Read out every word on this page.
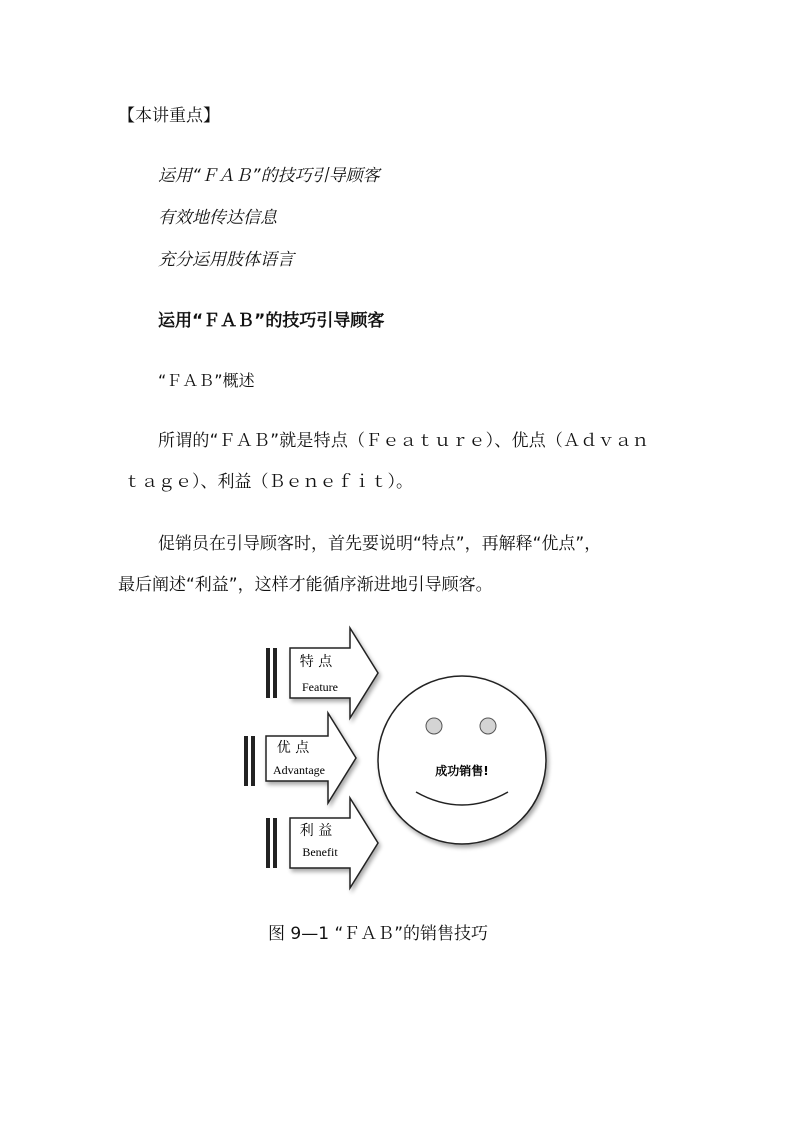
【本讲重点】

运用“ＦＡＢ”的技巧引导顾客

有效地传达信息

充分运用肢体语言

运用“ＦＡＢ”的技巧引导顾客

“ＦＡＢ”概述

所谓的“ＦＡＢ”就是特点（Ｆｅａｔｕｒｅ）、优点（Ａｄｖａｎ

ｔａｇｅ）、利益（Ｂｅｎｅｆｉｔ）。

促销员在引导顾客时，首先要说明“特点”，再解释“优点”，

最后阐述“利益”，这样才能循序渐进地引导顾客。

特 点
Feature
优 点
Advantage
利 益
Benefit
成功销售!

图 9—1 “ＦＡＢ”的销售技巧
